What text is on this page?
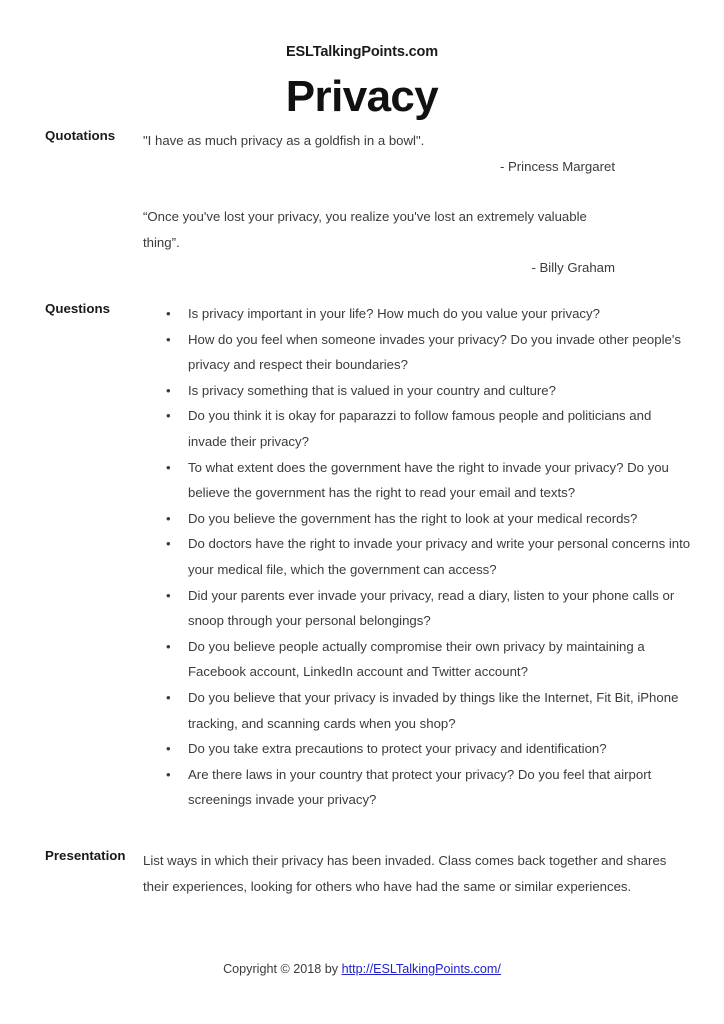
ESLTalkingPoints.com
Privacy
Quotations	"I have as much privacy as a goldfish in a bowl".
- Princess Margaret
“Once you've lost your privacy, you realize you've lost an extremely valuable thing”.
- Billy Graham
Questions	• Is privacy important in your life? How much do you value your privacy?
• How do you feel when someone invades your privacy? Do you invade other people's privacy and respect their boundaries?
• Is privacy something that is valued in your country and culture?
• Do you think it is okay for paparazzi to follow famous people and politicians and invade their privacy?
• To what extent does the government have the right to invade your privacy? Do you believe the government has the right to read your email and texts?
• Do you believe the government has the right to look at your medical records?
• Do doctors have the right to invade your privacy and write your personal concerns into your medical file, which the government can access?
• Did your parents ever invade your privacy, read a diary, listen to your phone calls or snoop through your personal belongings?
• Do you believe people actually compromise their own privacy by maintaining a Facebook account, LinkedIn account and Twitter account?
• Do you believe that your privacy is invaded by things like the Internet, Fit Bit, iPhone tracking, and scanning cards when you shop?
• Do you take extra precautions to protect your privacy and identification?
• Are there laws in your country that protect your privacy? Do you feel that airport screenings invade your privacy?
Presentation	List ways in which their privacy has been invaded. Class comes back together and shares their experiences, looking for others who have had the same or similar experiences.
Copyright © 2018 by http://ESLTalkingPoints.com/
